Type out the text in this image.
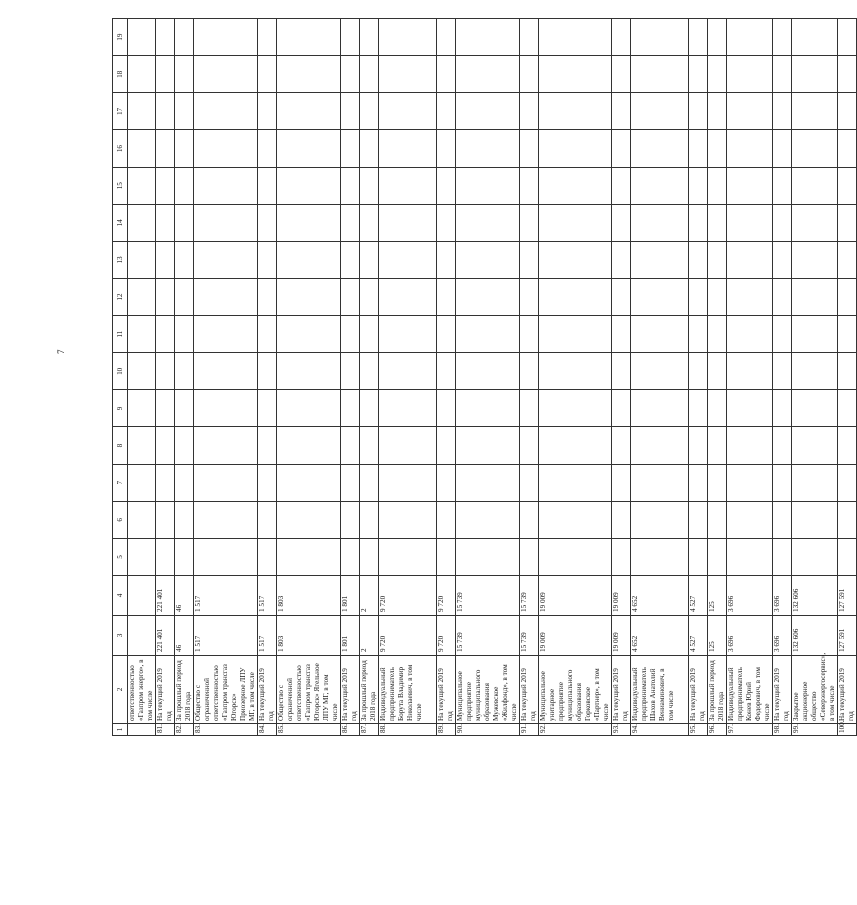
7
1	2	3	4	5	6	7	8	9	10	11	12	13	14	15	16	17	18	19
	ответственностью «Газпром энерго», в том числе																	
81.	На текущий 2019 год	221 401	221 401															
82.	За прошлый период 2018 года	46	46															
83.	Общество с ограниченной ответственностью «Газпром трансгаз Югорск» Приозерное ЛПУ МГ, в том числе	1 517	1 517															
84.	На текущий 2019 год	1 517	1 517															
85.	Общество с ограниченной ответственностью «Газпром трансгаз Югорск» Ягельное ЛПУ МГ, в том числе	1 803	1 803															
86.	На текущий 2019 год	1 801	1 801															
87.	За прошлый период 2018 года	2	2															
88.	Индивидуальный предприниматель Борута Владимир Николаевич, в том числе	9 720	9 720															
89.	На текущий 2019 год	9 720	9 720															
90.	Муниципальное предприятие муниципального образования Мужевское «Жилфонд», в том числе	15 739	15 739															
91.	На текущий 2019 год	15 739	15 739															
92.	Муниципальное унитарное предприятие муниципального образования Горковское «Партнер», в том числе	19 009	19 009															
93.	На текущий 2019 год	19 009	19 009															
94.	Индивидуальный предприниматель Шахов Анатолий Вениаминович, в том числе	4 652	4 652															
95.	На текущий 2019 год	4 527	4 527															
96.	За прошлый период 2018 года	125	125															
97.	Индивидуальный предприниматель Конев Юрий Федорович, в том числе	3 696	3 696															
98.	На текущий 2019 год	3 696	3 696															
99.	Закрытое акционерное общество «Северэнергосервис», в том числе	132 606	132 606															
100.	На текущий 2019 год	127 591	127 591															
